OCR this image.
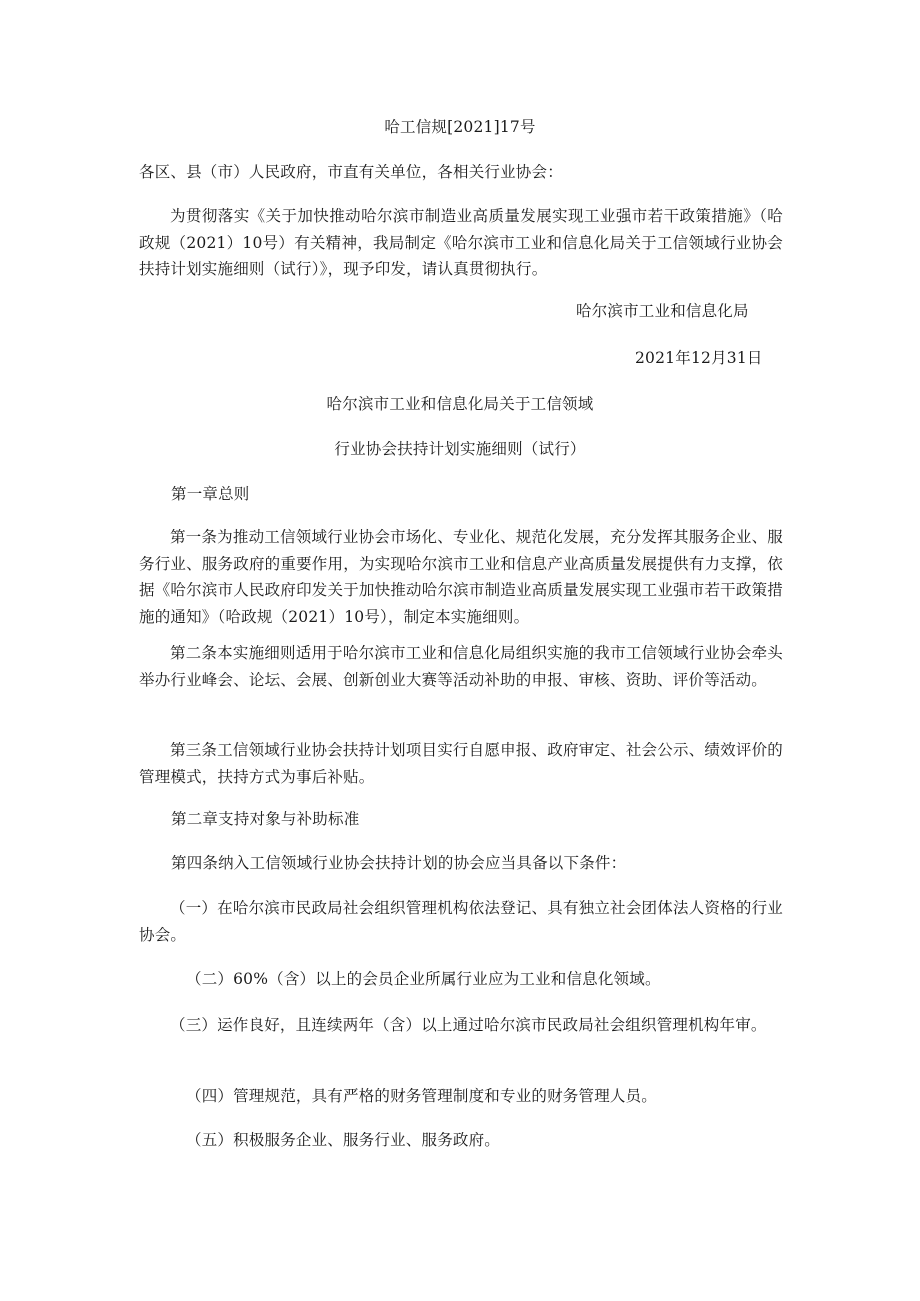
哈工信规[2021]17号
各区、县（市）人民政府，市直有关单位，各相关行业协会：
为贯彻落实《关于加快推动哈尔滨市制造业高质量发展实现工业强市若干政策措施》（哈政规（2021）10号）有关精神，我局制定《哈尔滨市工业和信息化局关于工信领域行业协会扶持计划实施细则（试行）》，现予印发，请认真贯彻执行。
哈尔滨市工业和信息化局
2021年12月31日
哈尔滨市工业和信息化局关于工信领域
行业协会扶持计划实施细则（试行）
第一章总则
第一条为推动工信领域行业协会市场化、专业化、规范化发展，充分发挥其服务企业、服务行业、服务政府的重要作用，为实现哈尔滨市工业和信息产业高质量发展提供有力支撑，依据《哈尔滨市人民政府印发关于加快推动哈尔滨市制造业高质量发展实现工业强市若干政策措施的通知》（哈政规（2021）10号），制定本实施细则。
第二条本实施细则适用于哈尔滨市工业和信息化局组织实施的我市工信领域行业协会牵头举办行业峰会、论坛、会展、创新创业大赛等活动补助的申报、审核、资助、评价等活动。
第三条工信领域行业协会扶持计划项目实行自愿申报、政府审定、社会公示、绩效评价的管理模式，扶持方式为事后补贴。
第二章支持对象与补助标准
第四条纳入工信领域行业协会扶持计划的协会应当具备以下条件：
（一）在哈尔滨市民政局社会组织管理机构依法登记、具有独立社会团体法人资格的行业协会。
（二）60%（含）以上的会员企业所属行业应为工业和信息化领域。
（三）运作良好，且连续两年（含）以上通过哈尔滨市民政局社会组织管理机构年审。
（四）管理规范，具有严格的财务管理制度和专业的财务管理人员。
（五）积极服务企业、服务行业、服务政府。
